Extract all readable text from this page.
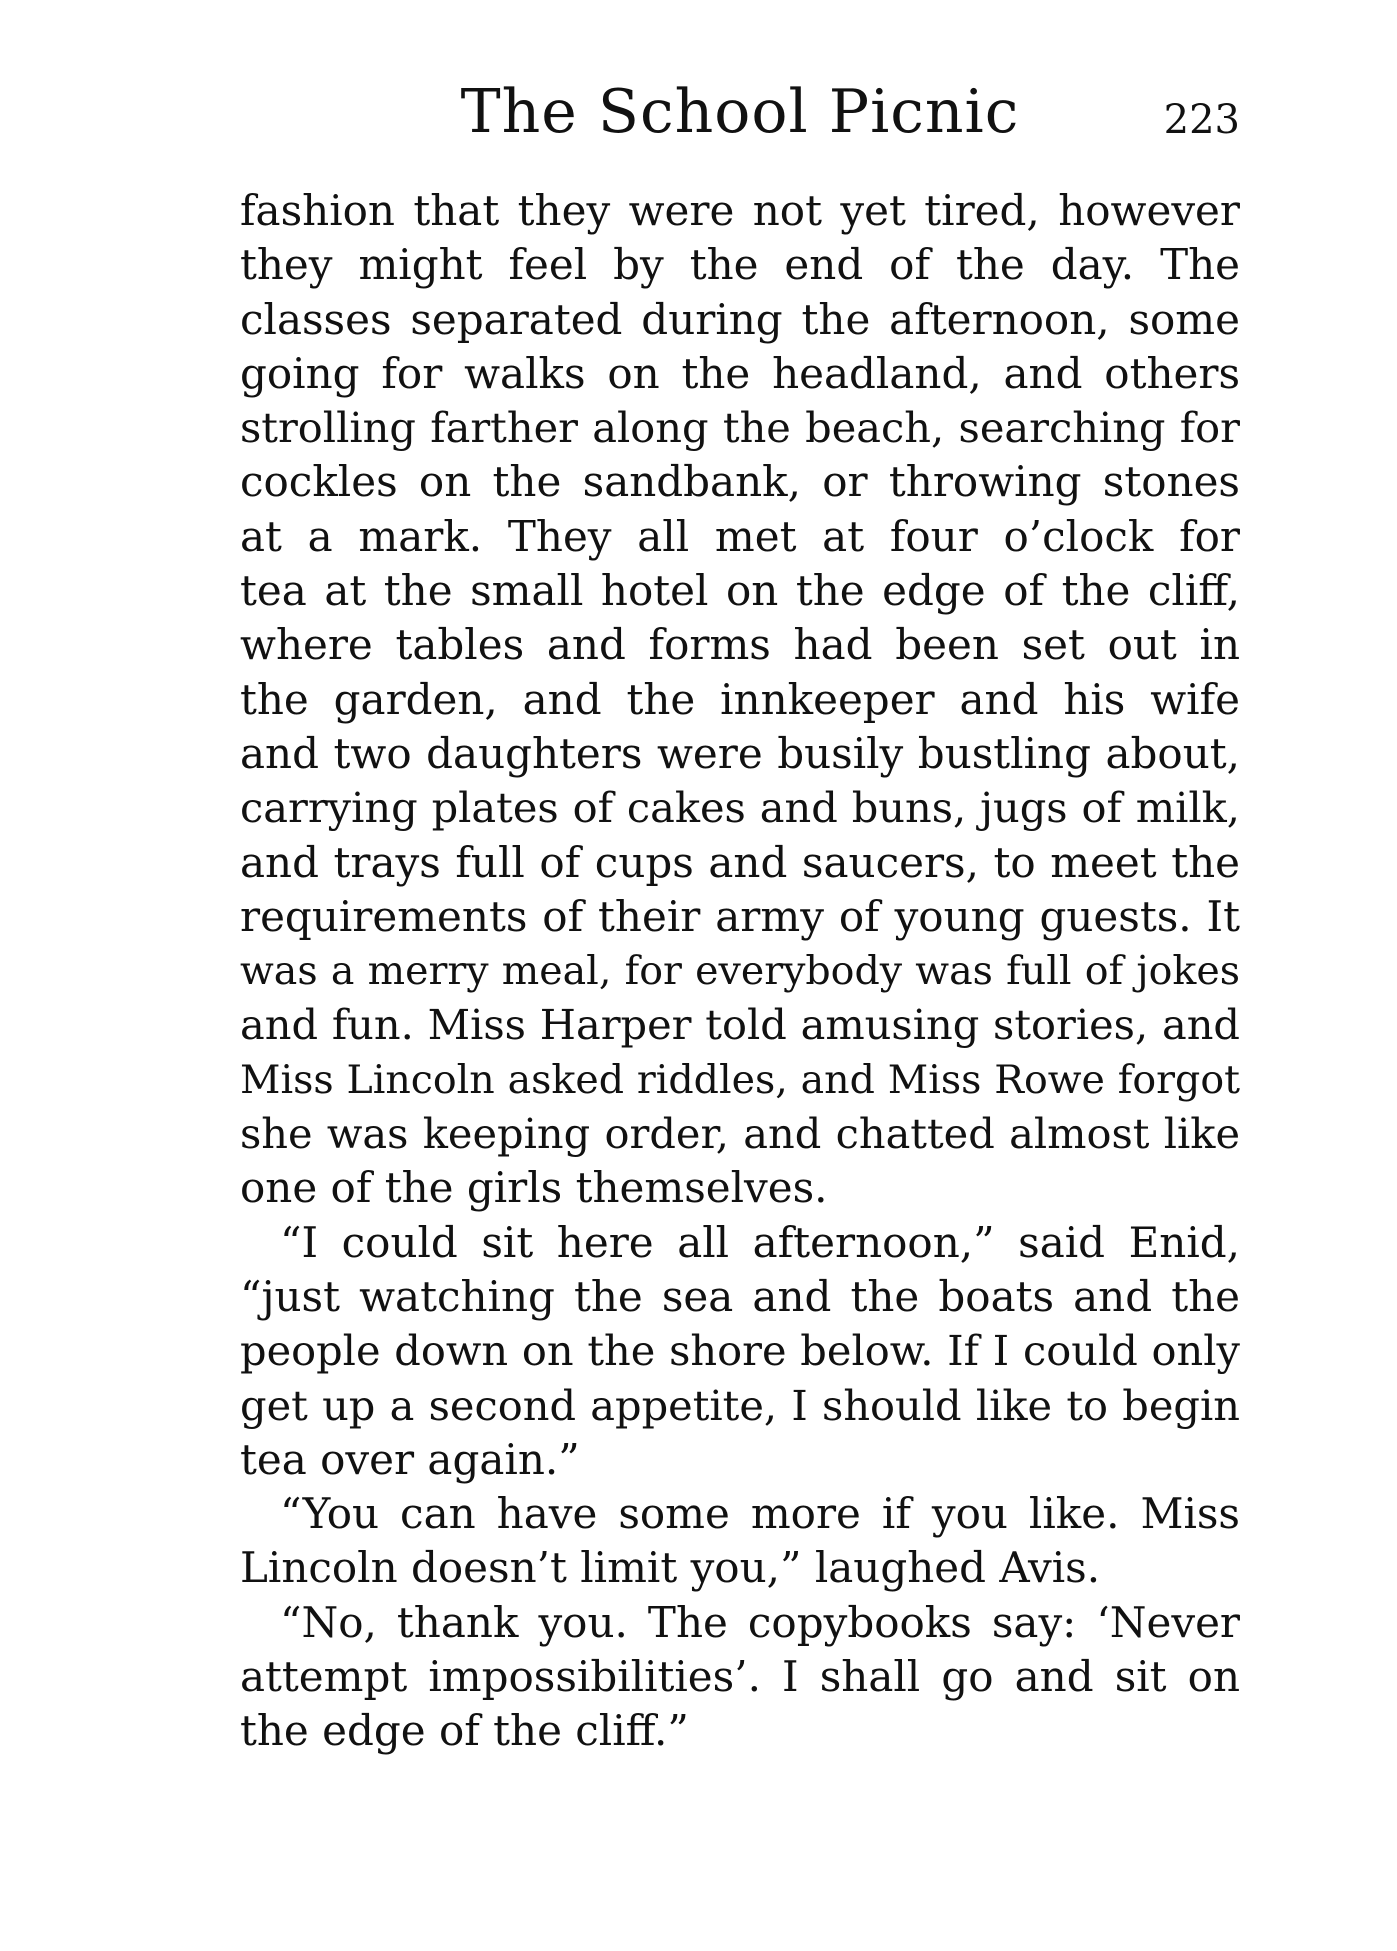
The School Picnic	223
fashion that they were not yet tired, however
they might feel by the end of the day. The
classes separated during the afternoon, some
going for walks on the headland, and others
strolling farther along the beach, searching for
cockles on the sandbank, or throwing stones
at a mark. They all met at four o’clock for
tea at the small hotel on the edge of the cliff,
where tables and forms had been set out in
the garden, and the innkeeper and his wife
and two daughters were busily bustling about,
carrying plates of cakes and buns, jugs of milk,
and trays full of cups and saucers, to meet the
requirements of their army of young guests. It
was a merry meal, for everybody was full of jokes
and fun. Miss Harper told amusing stories, and
Miss Lincoln asked riddles, and Miss Rowe forgot
she was keeping order, and chatted almost like
one of the girls themselves.
“I could sit here all afternoon,” said Enid,
“just watching the sea and the boats and the
people down on the shore below. If I could only
get up a second appetite, I should like to begin
tea over again.”
“You can have some more if you like. Miss
Lincoln doesn’t limit you,” laughed Avis.
“No, thank you. The copybooks say: ‘Never
attempt impossibilities’. I shall go and sit on
the edge of the cliff.”
